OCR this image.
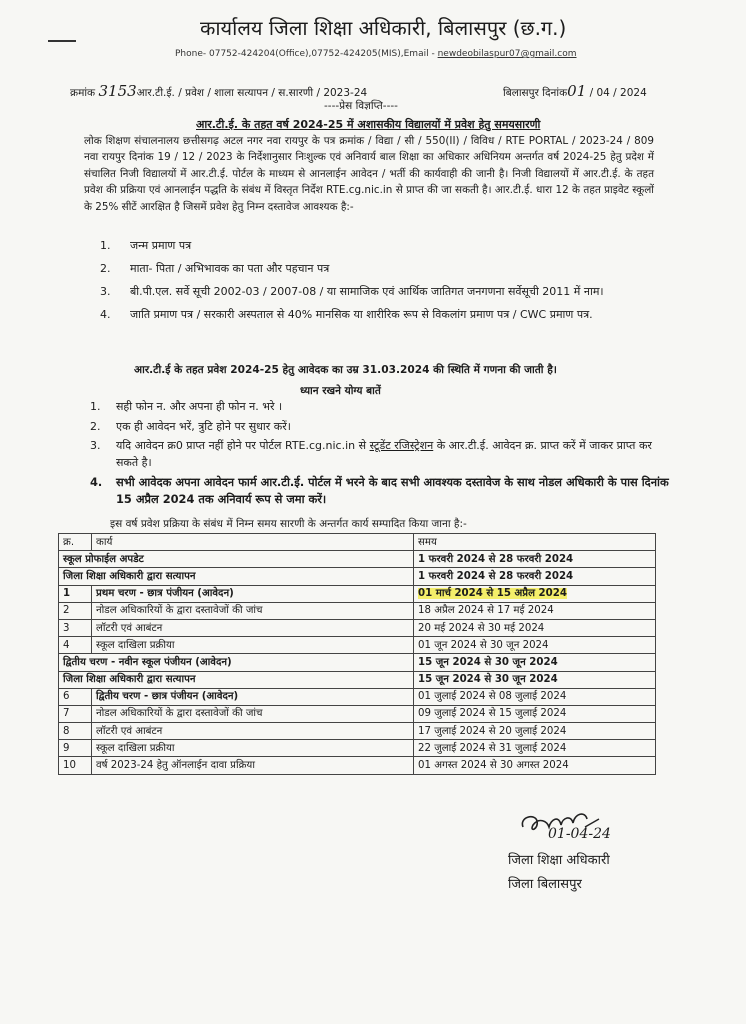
कार्यालय जिला शिक्षा अधिकारी, बिलासपुर (छ.ग.)
Phone- 07752-424204(Office),07752-424205(MIS),Email - newdeobilaspur07@gmail.com
क्रमांक 3153आर.टी.ई. / प्रवेश / शाला सत्यापन / स.सारणी / 2023-24	बिलासपुर दिनांक01 / 04 / 2024
----प्रेस विज्ञप्ति----
आर.टी.ई. के तहत वर्ष 2024-25 में अशासकीय विद्यालयों में प्रवेश हेतु समयसारणी

लोक शिक्षण संचालनालय छत्तीसगढ़ अटल नगर नवा रायपुर के पत्र क्रमांक / विद्या / सी / 550(II) / विविध / RTE PORTAL / 2023-24 / 809 नवा रायपुर दिनांक 19 / 12 / 2023 के निर्देशानुसार निःशुल्क एवं अनिवार्य बाल शिक्षा का अधिकार अधिनियम अन्तर्गत वर्ष 2024-25 हेतु प्रदेश में संचालित निजी विद्यालयों में आर.टी.ई. पोर्टल के माध्यम से आनलाईन आवेदन / भर्ती की कार्यवाही की जानी है। निजी विद्यालयों में आर.टी.ई. के तहत प्रवेश की प्रक्रिया एवं आनलाईन पद्धति के संबंध में विस्तृत निर्देश RTE.cg.nic.in से प्राप्त की जा सकती है। आर.टी.ई. धारा 12 के तहत प्राइवेट स्कूलों के 25% सीटें आरक्षित है जिसमें प्रवेश हेतु निम्न दस्तावेज आवश्यक है:-

1. जन्म प्रमाण पत्र
2. माता- पिता / अभिभावक का पता और पहचान पत्र
3. बी.पी.एल. सर्वे सूची 2002-03 / 2007-08 / या सामाजिक एवं आर्थिक जातिगत जनगणना सर्वेसूची 2011 में नाम।
4. जाति प्रमाण पत्र / सरकारी अस्पताल से 40% मानसिक या शारीरिक रूप से विकलांग प्रमाण पत्र / CWC प्रमाण पत्र.
आर.टी.ई के तहत प्रवेश 2024-25 हेतु आवेदक का उम्र 31.03.2024 की स्थिति में गणना की जाती है।
ध्यान रखने योग्य बातें
1. सही फोन न. और अपना ही फोन न. भरे ।
2. एक ही आवेदन भरें, त्रुटि होने पर सुधार करें।
3. यदि आवेदन क्र0 प्राप्त नहीं होने पर पोर्टल RTE.cg.nic.in से स्टूडेंट रजिस्ट्रेशन के आर.टी.ई. आवेदन क्र. प्राप्त करें में जाकर प्राप्त कर सकते है।
4. सभी आवेदक अपना आवेदन फार्म आर.टी.ई. पोर्टल में भरने के बाद सभी आवश्यक दस्तावेज के साथ नोडल अधिकारी के पास दिनांक 15 अप्रैल 2024 तक अनिवार्य रूप से जमा करें।
इस वर्ष प्रवेश प्रक्रिया के संबंध में निम्न समय सारणी के अन्तर्गत कार्य सम्पादित किया जाना है:-
क्र.	कार्य	समय
स्कूल प्रोफाईल अपडेट		1 फरवरी 2024 से 28 फरवरी 2024
जिला शिक्षा अधिकारी द्वारा सत्यापन		1 फरवरी 2024 से 28 फरवरी 2024
1	प्रथम चरण - छात्र पंजीयन (आवेदन)	01 मार्च 2024 से 15 अप्रैल 2024
2	नोडल अधिकारियों के द्वारा दस्तावेजों की जांच	18 अप्रैल 2024 से 17 मई 2024
3	लॉटरी एवं आबंटन	20 मई 2024 से 30 मई 2024
4	स्कूल दाखिला प्रक्रीया	01 जून 2024 से 30 जून 2024
द्वितीय चरण - नवीन स्कूल पंजीयन (आवेदन)		15 जून 2024 से 30 जून 2024
जिला शिक्षा अधिकारी द्वारा सत्यापन		15 जून 2024 से 30 जून 2024
6	द्वितीय चरण - छात्र पंजीयन (आवेदन)	01 जुलाई 2024 से 08 जुलाई 2024
7	नोडल अधिकारियों के द्वारा दस्तावेजों की जांच	09 जुलाई 2024 से 15 जुलाई 2024
8	लॉटरी एवं आबंटन	17 जुलाई 2024 से 20 जुलाई 2024
9	स्कूल दाखिला प्रक्रीया	22 जुलाई 2024 से 31 जुलाई 2024
10	वर्ष 2023-24 हेतु ऑनलाईन दावा प्रक्रिया	01 अगस्त 2024 से 30 अगस्त 2024
01-04-24
जिला शिक्षा अधिकारी
जिला बिलासपुर
